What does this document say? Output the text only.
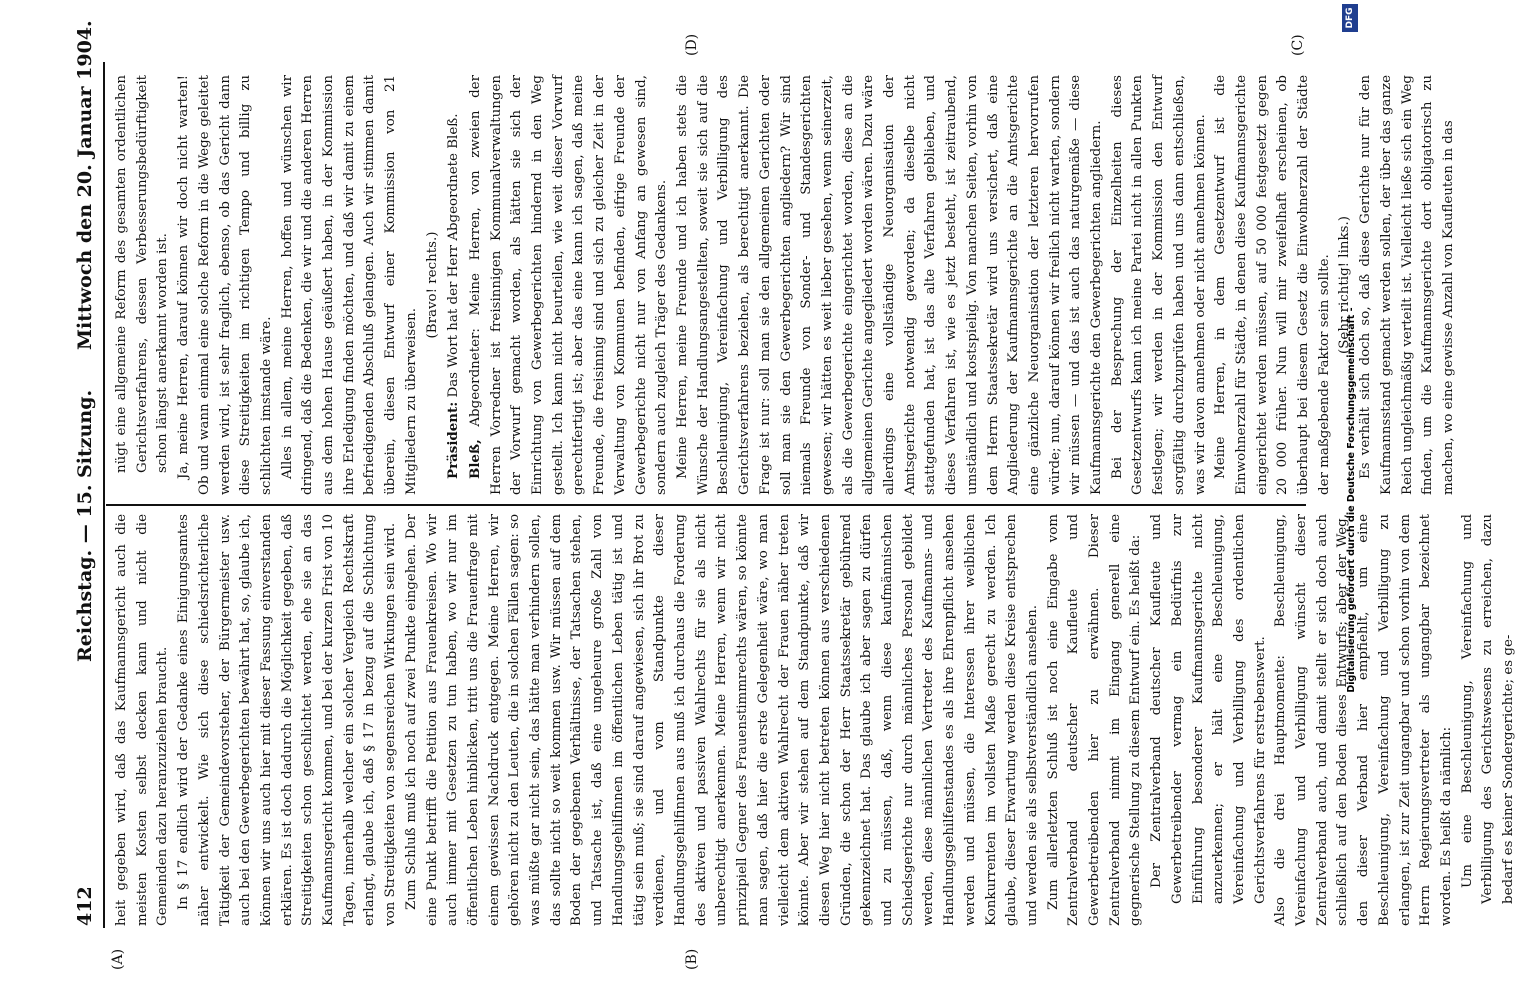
412
Reichstag. — 15. Sitzung.
Mittwoch den 20. Januar 1904.
(A)	(B)
(C)
(D)

heit gegeben wird, daß das Kaufmannsgericht auch die meisten Kosten selbst decken kann und nicht die Gemeinden dazu heranzuziehen braucht. In § 17 endlich wird der Gedanke eines Einigungsamtes näher entwickelt. Wie sich diese schiedsrichterliche Tätigkeit der Gemeindevorsteher, der Bürgermeister usw. auch bei den Gewerbegerichten bewährt hat, so, glaube ich, können wir uns auch hier mit dieser Fassung einverstanden erklären. Es ist doch dadurch die Möglichkeit gegeben, daß Streitigkeiten schon geschlichtet werden, ehe sie an das Kaufmannsgericht kommen, und bei der kurzen Frist von 10 Tagen, innerhalb welcher ein solcher Vergleich Rechtskraft erlangt, glaube ich, daß § 17 in bezug auf die Schlichtung von Streitigkeiten von segensreichen Wirkungen sein wird. Zum Schluß muß ich noch auf zwei Punkte eingehen. Der eine Punkt betrifft die Petition aus Frauenkreisen. Wo wir auch immer mit Gesetzen zu tun haben, wo wir nur im öffentlichen Leben hinblicken, tritt uns die Frauenfrage mit einem gewissen Nachdruck entgegen. Meine Herren, wir gehören nicht zu den Leuten, die in solchen Fällen sagen: so was müßte gar nicht sein, das hätte man verhindern sollen, das sollte nicht so weit kommen usw. Wir müssen auf dem Boden der gegebenen Verhältnisse, der Tatsachen stehen, und Tatsache ist, daß eine ungeheure große Zahl von Handlungsgehilfinnen im öffentlichen Leben tätig ist und tätig sein muß; sie sind darauf angewiesen, sich ihr Brot zu verdienen, und vom Standpunkte dieser Handlungsgehilfinnen aus muß ich durchaus die Forderung des aktiven und passiven Wahlrechts für sie als nicht unberechtigt anerkennen. Meine Herren, wenn wir nicht prinzipiell Gegner des Frauenstimmrechts wären, so könnte man sagen, daß hier die erste Gelegenheit wäre, wo man vielleicht dem aktiven Wahlrecht der Frauen näher treten könnte. Aber wir stehen auf dem Standpunkte, daß wir diesen Weg hier nicht betreten können aus verschiedenen Gründen, die schon der Herr Staatssekretär gebührend gekennzeichnet hat. Das glaube ich aber sagen zu dürfen und zu müssen, daß, wenn diese kaufmännischen Schiedsgerichte nur durch männliches Personal gebildet werden, diese männlichen Vertreter des Kaufmanns- und Handlungsgehilfenstandes es als ihre Ehrenpflicht ansehen werden und müssen, die Interessen ihrer weiblichen Konkurrenten im vollsten Maße gerecht zu werden. Ich glaube, dieser Erwartung werden diese Kreise entsprechen und werden sie als selbstverständlich ansehen. Zum allerletzten Schluß ist noch eine Eingabe vom Zentralverband deutscher Kaufleute und Gewerbetreibenden hier zu erwähnen. Dieser Zentralverband nimmt im Eingang generell eine gegnerische Stellung zu diesem Entwurf ein. Es heißt da: Der Zentralverband deutscher Kaufleute und Gewerbetreibender vermag ein Bedürfnis zur Einführung besonderer Kaufmannsgerichte nicht anzuerkennen; er hält eine Beschleunigung, Vereinfachung und Verbilligung des ordentlichen Gerichtsverfahrens für erstrebenswert. Also die drei Hauptmomente: Beschleunigung, Vereinfachung und Verbilligung wünscht dieser Zentralverband auch, und damit stellt er sich doch auch schließlich auf den Boden dieses Entwurfs; aber der Weg, den dieser Verband hier empfiehlt, um eine Beschleunigung, Vereinfachung und Verbilligung zu erlangen, ist zur Zeit ungangbar und schon vorhin von dem Herrn Regierungsvertreter als ungangbar bezeichnet worden. Es heißt da nämlich: Um eine Beschleunigung, Vereinfachung und Verbilligung des Gerichtswesens zu erreichen, dazu bedarf es keiner Sondergerichte; es ge-

nügt eine allgemeine Reform des gesamten ordentlichen Gerichtsverfahrens, dessen Verbesserungsbedürftigkeit schon längst anerkannt worden ist. Ja, meine Herren, darauf können wir doch nicht warten! Ob und wann einmal eine solche Reform in die Wege geleitet werden wird, ist sehr fraglich, ebenso, ob das Gericht dann diese Streitigkeiten im richtigen Tempo und billig zu schlichten imstande wäre. Alles in allem, meine Herren, hoffen und wünschen wir dringend, daß die Bedenken, die wir und die anderen Herren aus dem hohen Hause geäußert haben, in der Kommission ihre Erledigung finden möchten, und daß wir damit zu einem befriedigenden Abschluß gelangen. Auch wir stimmen damit überein, diesen Entwurf einer Kommission von 21 Mitgliedern zu überweisen.

(Bravo! rechts.)

Präsident: Das Wort hat der Herr Abgeordnete Bleß.

Bleß, Abgeordneter: Meine Herren, von zweien der Herren Vorredner ist freisinnigen Kommunalverwaltungen der Vorwurf gemacht worden, als hätten sie sich der Einrichtung von Gewerbegerichten hindernd in den Weg gestellt. Ich kann nicht beurteilen, wie weit dieser Vorwurf gerechtfertigt ist; aber das eine kann ich sagen, daß meine Freunde, die freisinnig sind und sich zu gleicher Zeit in der Verwaltung von Kommunen befinden, eifrige Freunde der Gewerbegerichte nicht nur von Anfang an gewesen sind, sondern auch zugleich Träger des Gedankens. Meine Herren, meine Freunde und ich haben stets die Wünsche der Handlungsangestellten, soweit sie sich auf die Beschleunigung, Vereinfachung und Verbilligung des Gerichtsverfahrens beziehen, als berechtigt anerkannt. Die Frage ist nur: soll man sie den allgemeinen Gerichten oder soll man sie den Gewerbegerichten angliedern? Wir sind niemals Freunde von Sonder- und Standesgerichten gewesen; wir hätten es weit lieber gesehen, wenn seinerzeit, als die Gewerbegerichte eingerichtet worden, diese an die allgemeinen Gerichte angegliedert worden wären. Dazu wäre allerdings eine vollständige Neuorganisation der Amtsgerichte notwendig geworden; da dieselbe nicht stattgefunden hat, ist das alte Verfahren geblieben, und dieses Verfahren ist, wie es jetzt besteht, ist zeitraubend, umständlich und kostspielig. Von manchen Seiten, vorhin von dem Herrn Staatssekretär wird uns versichert, daß eine Angliederung der Kaufmannsgerichte an die Amtsgerichte eine gänzliche Neuorganisation der letzteren hervorrufen würde; nun, darauf können wir freilich nicht warten, sondern wir müssen — und das ist auch das naturgemäße — diese Kaufmannsgerichte den Gewerbegerichten angliedern. Bei der Besprechung der Einzelheiten dieses Gesetzentwurfs kann ich meine Partei nicht in allen Punkten festlegen; wir werden in der Kommission den Entwurf sorgfältig durchzuprüfen haben und uns dann entschließen, was wir davon annehmen oder nicht annehmen können. Meine Herren, in dem Gesetzentwurf ist die Einwohnerzahl für Städte, in denen diese Kaufmannsgerichte eingerichtet werden müssen, auf 50 000 festgesetzt gegen 20 000 früher. Nun will mir zweifelhaft erscheinen, ob überhaupt bei diesem Gesetz die Einwohnerzahl der Städte der maßgebende Faktor sein sollte. (Sehr richtig! links.) Es verhält sich doch so, daß diese Gerichte nur für den Kaufmannsstand gemacht werden sollen, der über das ganze Reich ungleichmäßig verteilt ist. Vielleicht ließe sich ein Weg finden, um die Kaufmannsgerichte dort obligatorisch zu machen, wo eine gewisse Anzahl von Kaufleuten in das

Digitalisierung gefördert durch die Deutsche Forschungsgemeinschaft -
DFG
